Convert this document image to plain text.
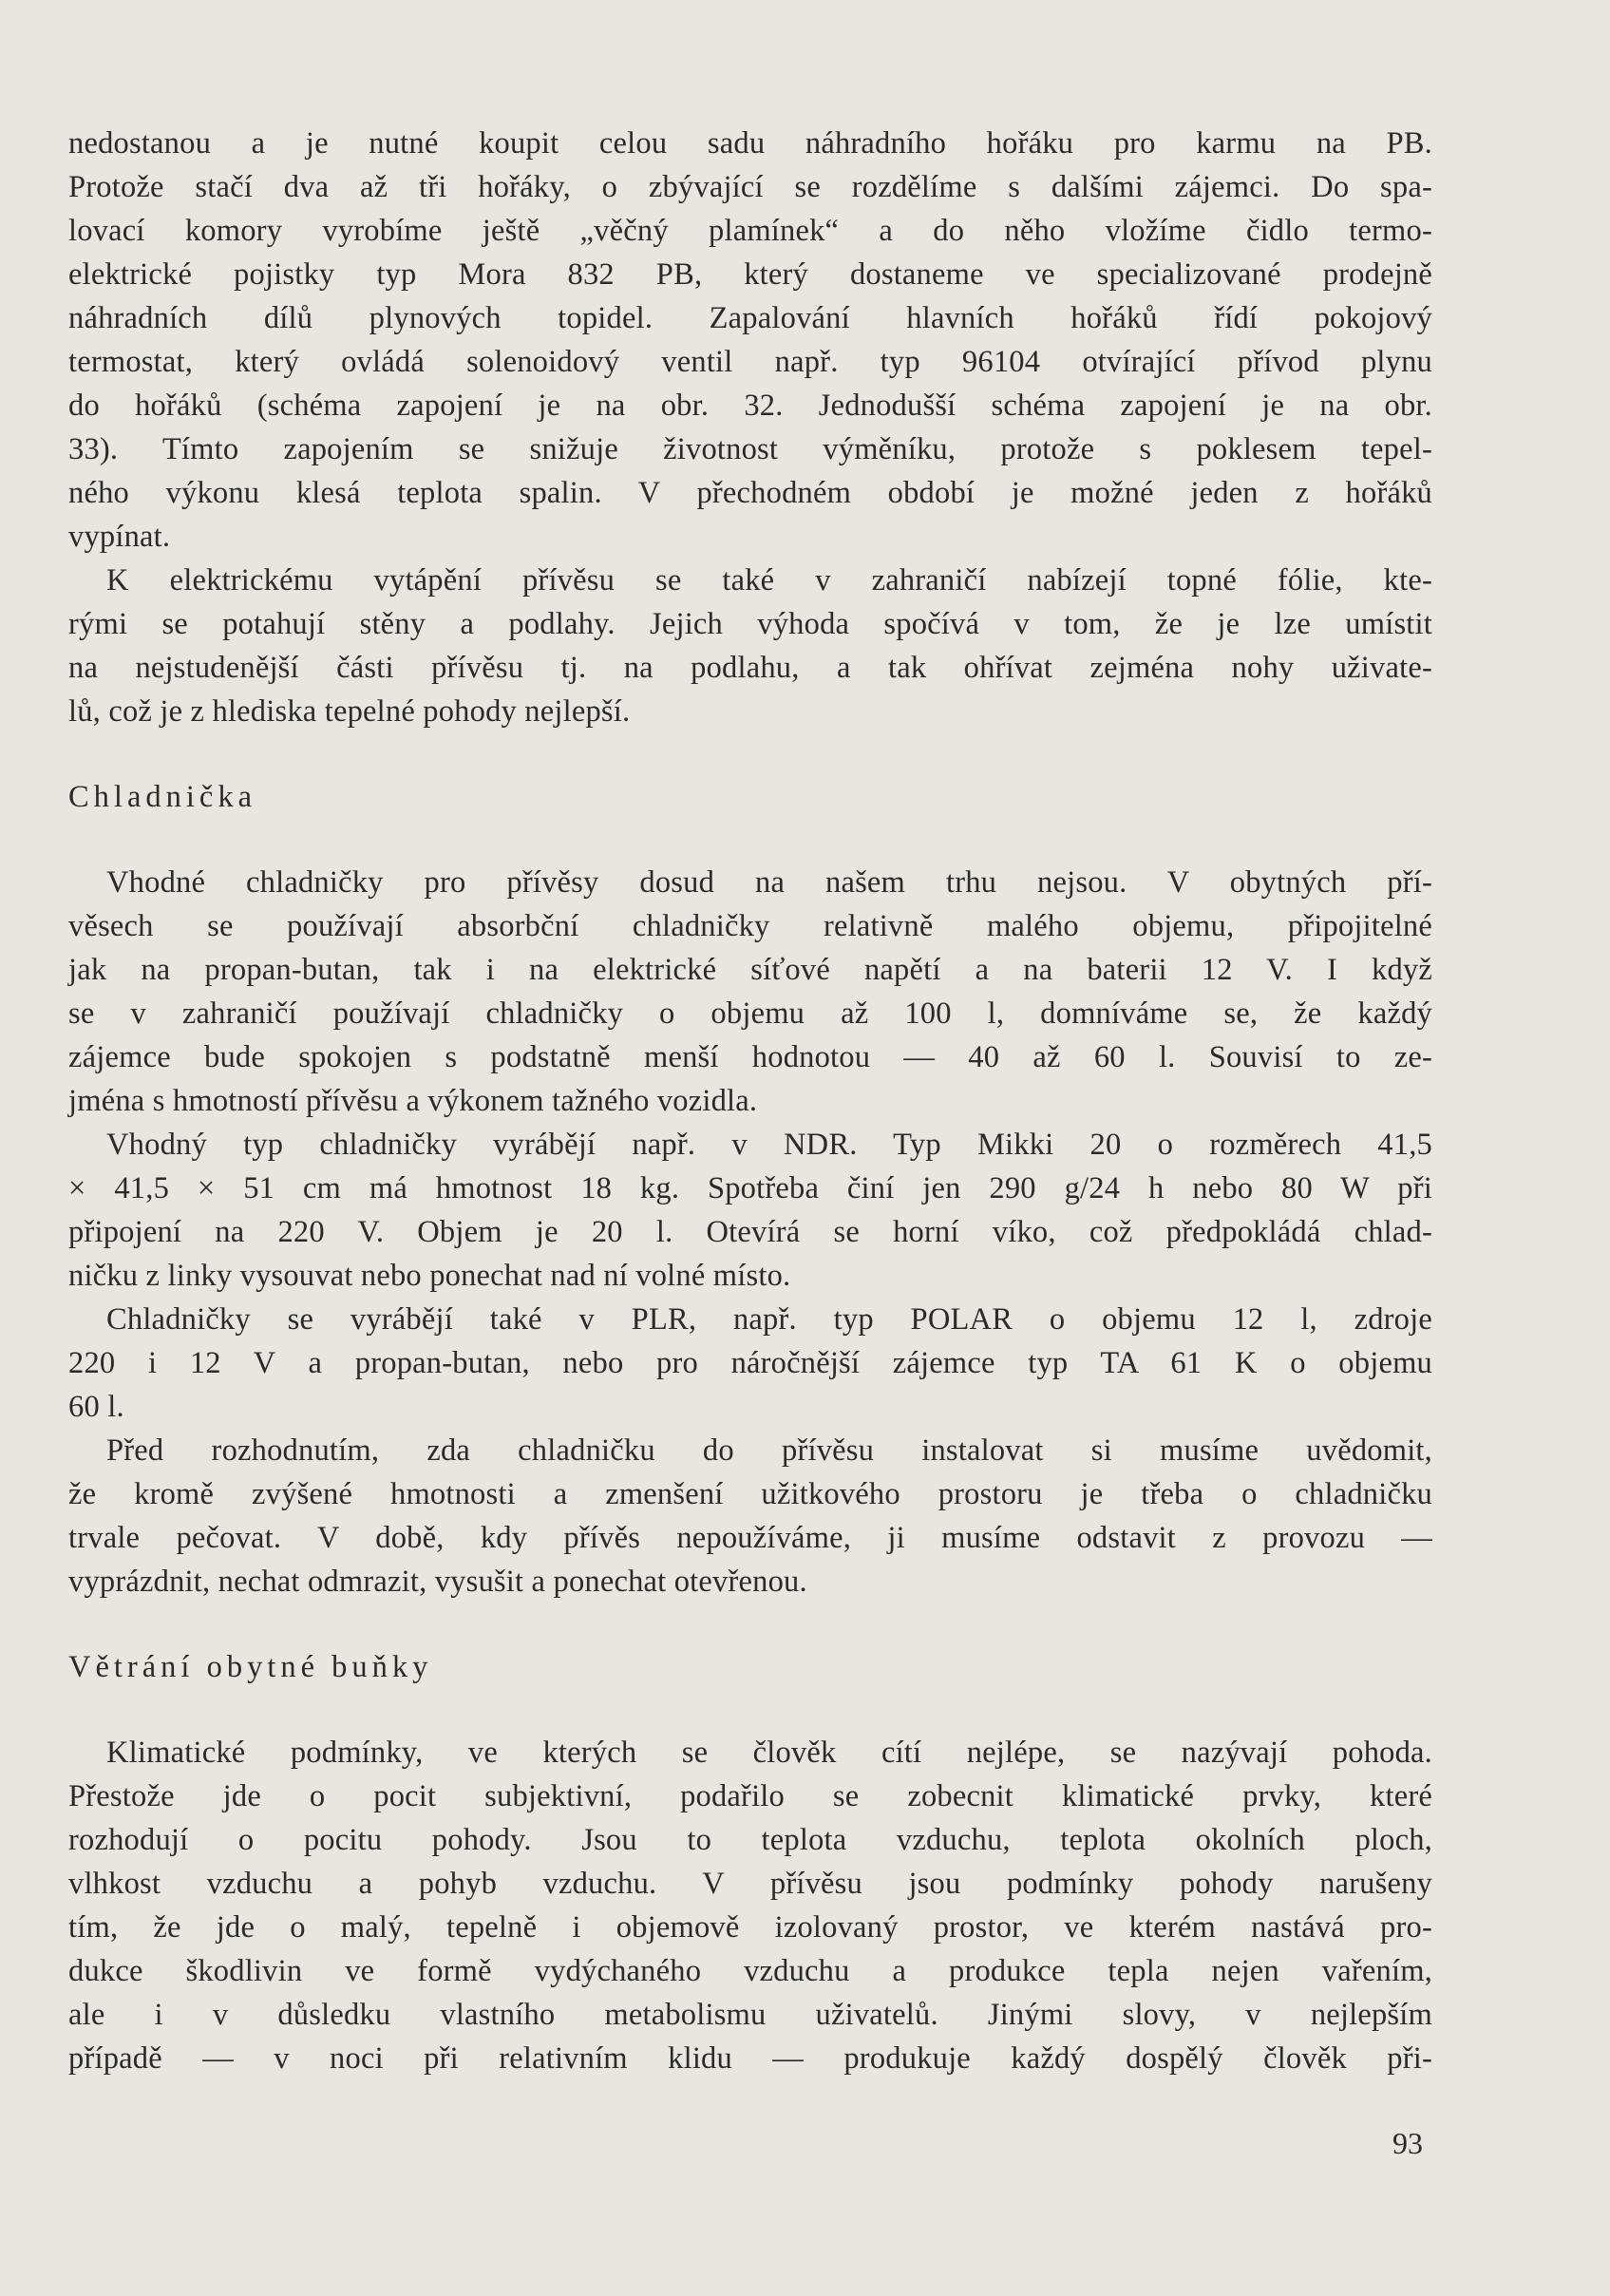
nedostanou a je nutné koupit celou sadu náhradního hořáku pro karmu na PB.
Protože stačí dva až tři hořáky, o zbývající se rozdělíme s dalšími zájemci. Do spa-
lovací komory vyrobíme ještě „věčný plamínek“ a do něho vložíme čidlo termo-
elektrické pojistky typ Mora 832 PB, který dostaneme ve specializované prodejně
náhradních dílů plynových topidel. Zapalování hlavních hořáků řídí pokojový
termostat, který ovládá solenoidový ventil např. typ 96104 otvírající přívod plynu
do hořáků (schéma zapojení je na obr. 32. Jednodušší schéma zapojení je na obr.
33). Tímto zapojením se snižuje životnost výměníku, protože s poklesem tepel-
ného výkonu klesá teplota spalin. V přechodném období je možné jeden z hořáků
vypínat.
K elektrickému vytápění přívěsu se také v zahraničí nabízejí topné fólie, kte-
rými se potahují stěny a podlahy. Jejich výhoda spočívá v tom, že je lze umístit
na nejstudenější části přívěsu tj. na podlahu, a tak ohřívat zejména nohy uživate-
lů, což je z hlediska tepelné pohody nejlepší.
Chladnička
Vhodné chladničky pro přívěsy dosud na našem trhu nejsou. V obytných pří-
věsech se používají absorbční chladničky relativně malého objemu, připojitelné
jak na propan-butan, tak i na elektrické síťové napětí a na baterii 12 V. I když
se v zahraničí používají chladničky o objemu až 100 l, domníváme se, že každý
zájemce bude spokojen s podstatně menší hodnotou — 40 až 60 l. Souvisí to ze-
jména s hmotností přívěsu a výkonem tažného vozidla.
Vhodný typ chladničky vyrábějí např. v NDR. Typ Mikki 20 o rozměrech 41,5
× 41,5 × 51 cm má hmotnost 18 kg. Spotřeba činí jen 290 g/24 h nebo 80 W při
připojení na 220 V. Objem je 20 l. Otevírá se horní víko, což předpokládá chlad-
ničku z linky vysouvat nebo ponechat nad ní volné místo.
Chladničky se vyrábějí také v PLR, např. typ POLAR o objemu 12 l, zdroje
220 i 12 V a propan-butan, nebo pro náročnější zájemce typ TA 61 K o objemu
60 l.
Před rozhodnutím, zda chladničku do přívěsu instalovat si musíme uvědomit,
že kromě zvýšené hmotnosti a zmenšení užitkového prostoru je třeba o chladničku
trvale pečovat. V době, kdy přívěs nepoužíváme, ji musíme odstavit z provozu —
vyprázdnit, nechat odmrazit, vysušit a ponechat otevřenou.
Větrání obytné buňky
Klimatické podmínky, ve kterých se člověk cítí nejlépe, se nazývají pohoda.
Přestože jde o pocit subjektivní, podařilo se zobecnit klimatické prvky, které
rozhodují o pocitu pohody. Jsou to teplota vzduchu, teplota okolních ploch,
vlhkost vzduchu a pohyb vzduchu. V přívěsu jsou podmínky pohody narušeny
tím, že jde o malý, tepelně i objemově izolovaný prostor, ve kterém nastává pro-
dukce škodlivin ve formě vydýchaného vzduchu a produkce tepla nejen vařením,
ale i v důsledku vlastního metabolismu uživatelů. Jinými slovy, v nejlepším
případě — v noci při relativním klidu — produkuje každý dospělý člověk při-
93
